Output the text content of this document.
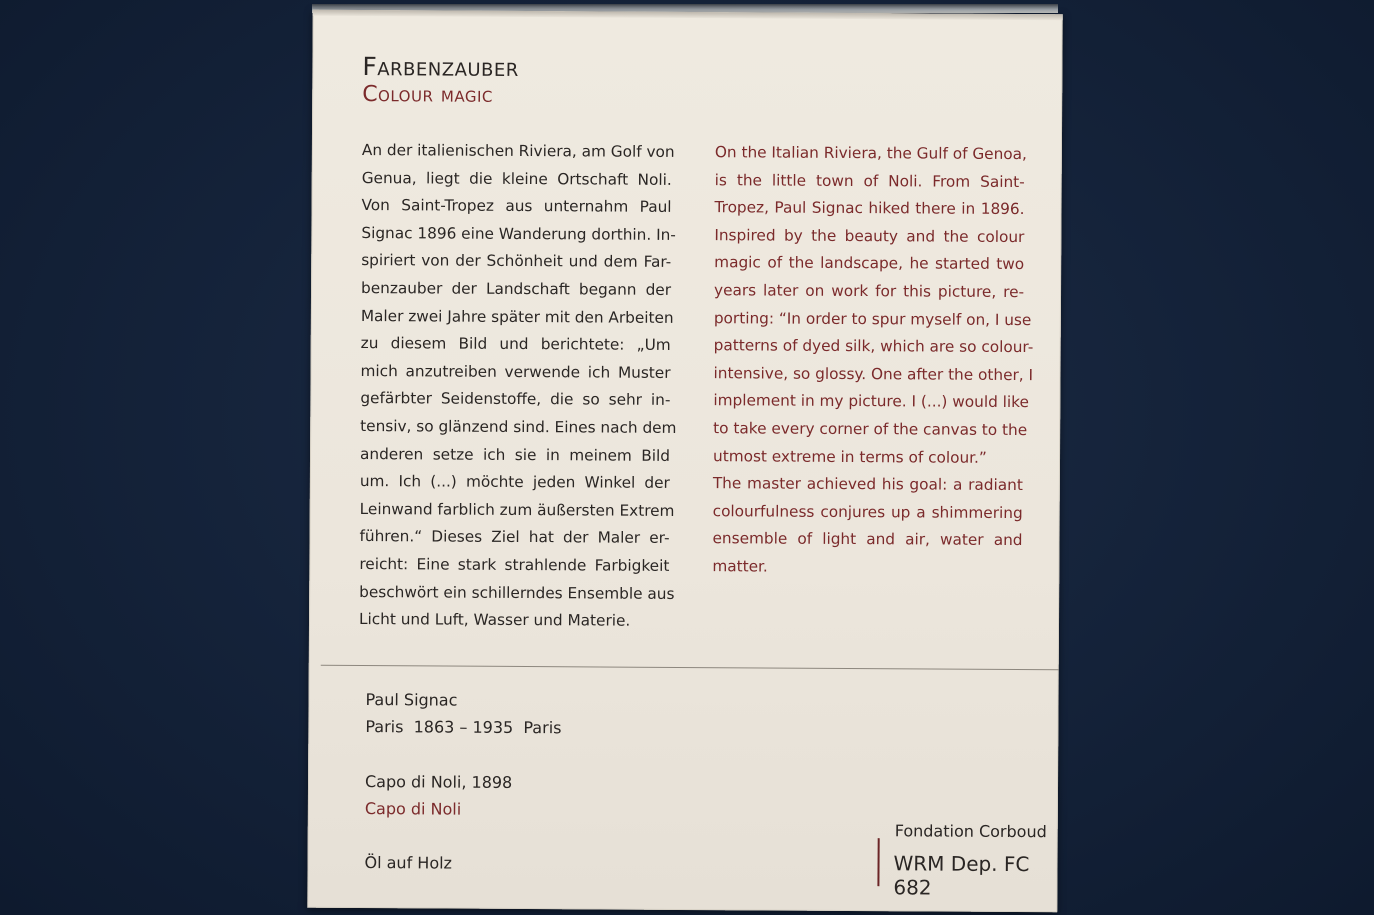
Farbenzauber
Colour magic
An der italienischen Riviera, am Golf von
Genua, liegt die kleine Ortschaft Noli.
Von Saint-Tropez aus unternahm Paul
Signac 1896 eine Wanderung dorthin. In-
spiriert von der Schönheit und dem Far-
benzauber der Landschaft begann der
Maler zwei Jahre später mit den Arbeiten
zu diesem Bild und berichtete: „Um
mich anzutreiben verwende ich Muster
gefärbter Seidenstoffe, die so sehr in-
tensiv, so glänzend sind. Eines nach dem
anderen setze ich sie in meinem Bild
um. Ich (...) möchte jeden Winkel der
Leinwand farblich zum äußersten Extrem
führen.“ Dieses Ziel hat der Maler er-
reicht: Eine stark strahlende Farbigkeit
beschwört ein schillerndes Ensemble aus
Licht und Luft, Wasser und Materie.
On the Italian Riviera, the Gulf of Genoa,
is the little town of Noli. From Saint-
Tropez, Paul Signac hiked there in 1896.
Inspired by the beauty and the colour
magic of the landscape, he started two
years later on work for this picture, re-
porting: “In order to spur myself on, I use
patterns of dyed silk, which are so colour-
intensive, so glossy. One after the other, I
implement in my picture. I (...) would like
to take every corner of the canvas to the
utmost extreme in terms of colour.”
The master achieved his goal: a radiant
colourfulness conjures up a shimmering
ensemble of light and air, water and
matter.
Paul Signac
Paris  1863 – 1935  Paris
Capo di Noli, 1898
Capo di Noli
Öl auf Holz
Fondation Corboud
WRM Dep. FC 682
